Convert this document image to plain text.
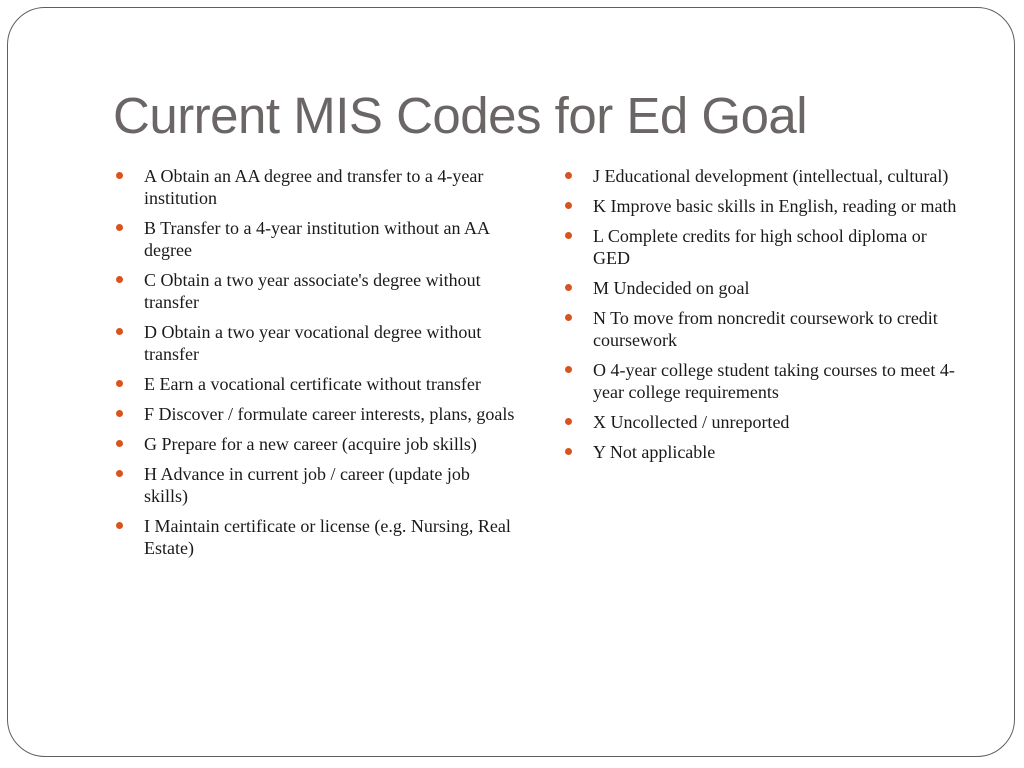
Current MIS Codes for Ed Goal
A Obtain an AA degree and transfer to a 4-year institution
B Transfer to a 4-year institution without an AA degree
C Obtain a two year associate's degree without transfer
D Obtain a two year vocational degree without transfer
E Earn a vocational certificate without transfer
F Discover / formulate career interests, plans, goals
G Prepare for a new career (acquire job skills)
H Advance in current job / career (update job skills)
I Maintain certificate or license (e.g. Nursing, Real Estate)
J Educational development (intellectual, cultural)
K Improve basic skills in English, reading or math
L Complete credits for high school diploma or GED
M Undecided on goal
N To move from noncredit coursework to credit coursework
O 4-year college student taking courses to meet 4-year college requirements
X Uncollected / unreported
Y Not applicable
